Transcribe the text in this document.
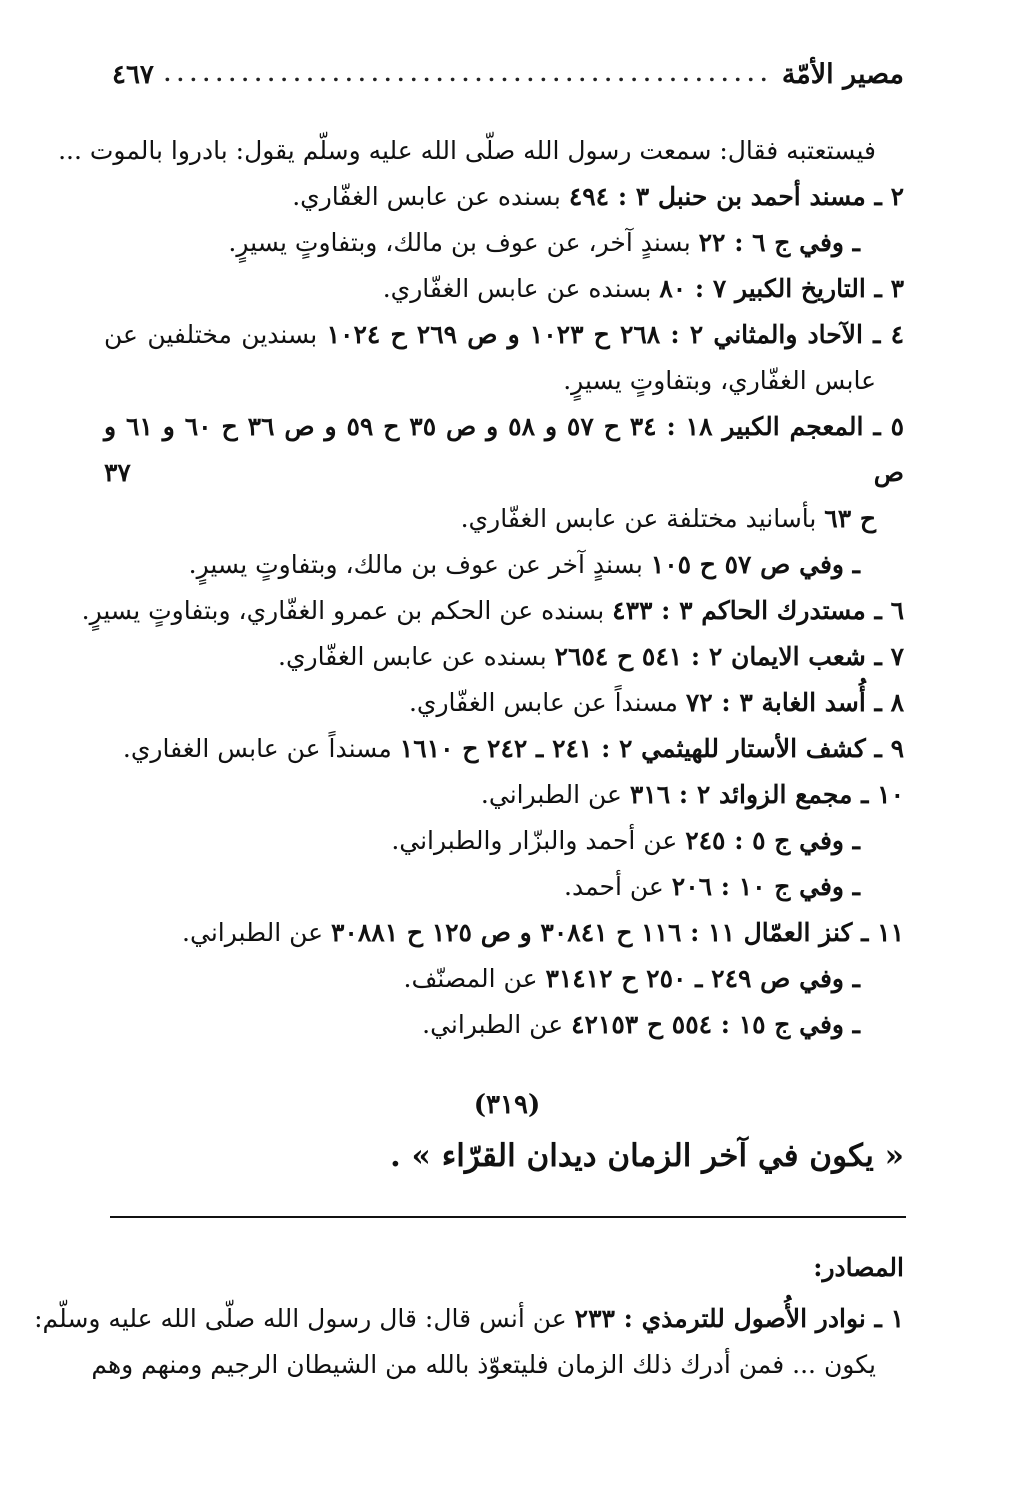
مصير الأمّة
.....
٤٦٧
فيستعتبه فقال: سمعت رسول الله صلّى الله عليه وسلّم يقول: بادروا بالموت ...
٢ ـ مسند أحمد بن حنبل ٣ : ٤٩٤ بسنده عن عابس الغفّاري.
ـ وفي ج ٦ : ٢٢ بسندٍ آخر، عن عوف بن مالك، وبتفاوتٍ يسيرٍ.
٣ ـ التاريخ الكبير ٧ : ٨٠ بسنده عن عابس الغفّاري.
٤ ـ الآحاد والمثاني ٢ : ٢٦٨ ح ١٠٢٣ و ص ٢٦٩ ح ١٠٢٤ بسندين مختلفين عن
عابس الغفّاري، وبتفاوتٍ يسيرٍ.
٥ ـ المعجم الكبير ١٨ : ٣٤ ح ٥٧ و ٥٨ و ص ٣٥ ح ٥٩ و ص ٣٦ ح ٦٠ و ٦١ و ص ٣٧
ح ٦٣ بأسانيد مختلفة عن عابس الغفّاري.
ـ وفي ص ٥٧ ح ١٠٥ بسندٍ آخر عن عوف بن مالك، وبتفاوتٍ يسيرٍ.
٦ ـ مستدرك الحاكم ٣ : ٤٣٣ بسنده عن الحكم بن عمرو الغفّاري، وبتفاوتٍ يسيرٍ.
٧ ـ شعب الايمان ٢ : ٥٤١ ح ٢٦٥٤ بسنده عن عابس الغفّاري.
٨ ـ أُسد الغابة ٣ : ٧٢ مسنداً عن عابس الغفّاري.
٩ ـ كشف الأستار للهيثمي ٢ : ٢٤١ ـ ٢٤٢ ح ١٦١٠ مسنداً عن عابس الغفاري.
١٠ ـ مجمع الزوائد ٢ : ٣١٦ عن الطبراني.
ـ وفي ج ٥ : ٢٤٥ عن أحمد والبزّار والطبراني.
ـ وفي ج ١٠ : ٢٠٦ عن أحمد.
١١ ـ كنز العمّال ١١ : ١١٦ ح ٣٠٨٤١ و ص ١٢٥ ح ٣٠٨٨١ عن الطبراني.
ـ وفي ص ٢٤٩ ـ ٢٥٠ ح ٣١٤١٢ عن المصنّف.
ـ وفي ج ١٥ : ٥٥٤ ح ٤٢١٥٣ عن الطبراني.
(٣١٩)
« يكون في آخر الزمان ديدان القرّاء » .
المصادر:
١ ـ نوادر الأُصول للترمذي : ٢٣٣ عن أنس قال: قال رسول الله صلّى الله عليه وسلّم:
يكون ... فمن أدرك ذلك الزمان فليتعوّذ بالله من الشيطان الرجيم ومنهم وهم
